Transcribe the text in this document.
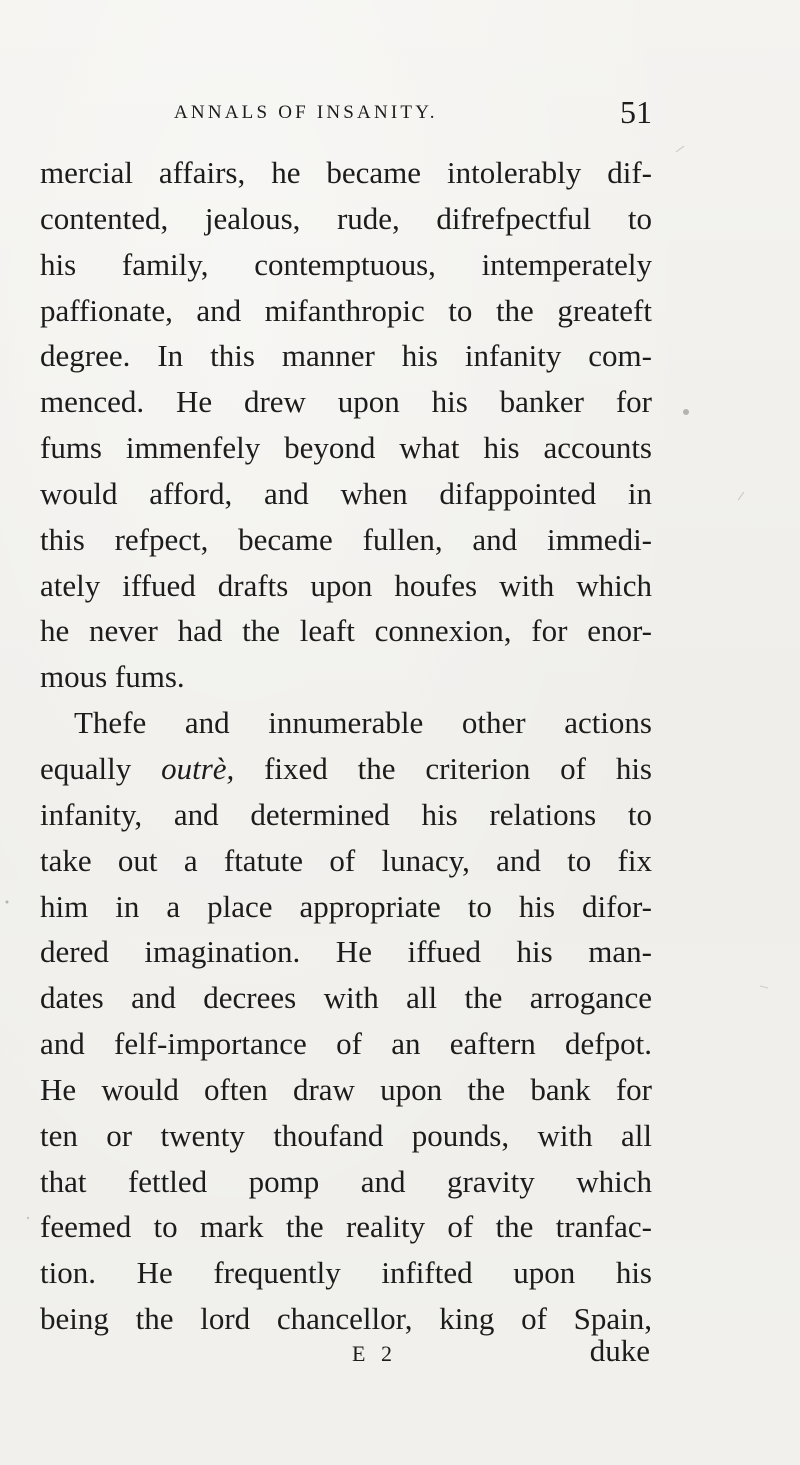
ANNALS OF INSANITY.	51
mercial affairs, he became intolerably dif-
contented, jealous, rude, difrefpectful to
his family, contemptuous, intemperately
paffionate, and mifanthropic to the greateft
degree. In this manner his infanity com-
menced. He drew upon his banker for
fums immenfely beyond what his accounts
would afford, and when difappointed in
this refpect, became fullen, and immedi-
ately iffued drafts upon houfes with which
he never had the leaft connexion, for enor-
mous fums.
Thefe and innumerable other actions
equally outrè, fixed the criterion of his
infanity, and determined his relations to
take out a ftatute of lunacy, and to fix
him in a place appropriate to his difor-
dered imagination. He iffued his man-
dates and decrees with all the arrogance
and felf-importance of an eaftern defpot.
He would often draw upon the bank for
ten or twenty thoufand pounds, with all
that fettled pomp and gravity which
feemed to mark the reality of the tranfac-
tion. He frequently infifted upon his
being the lord chancellor, king of Spain,
E 2	duke
